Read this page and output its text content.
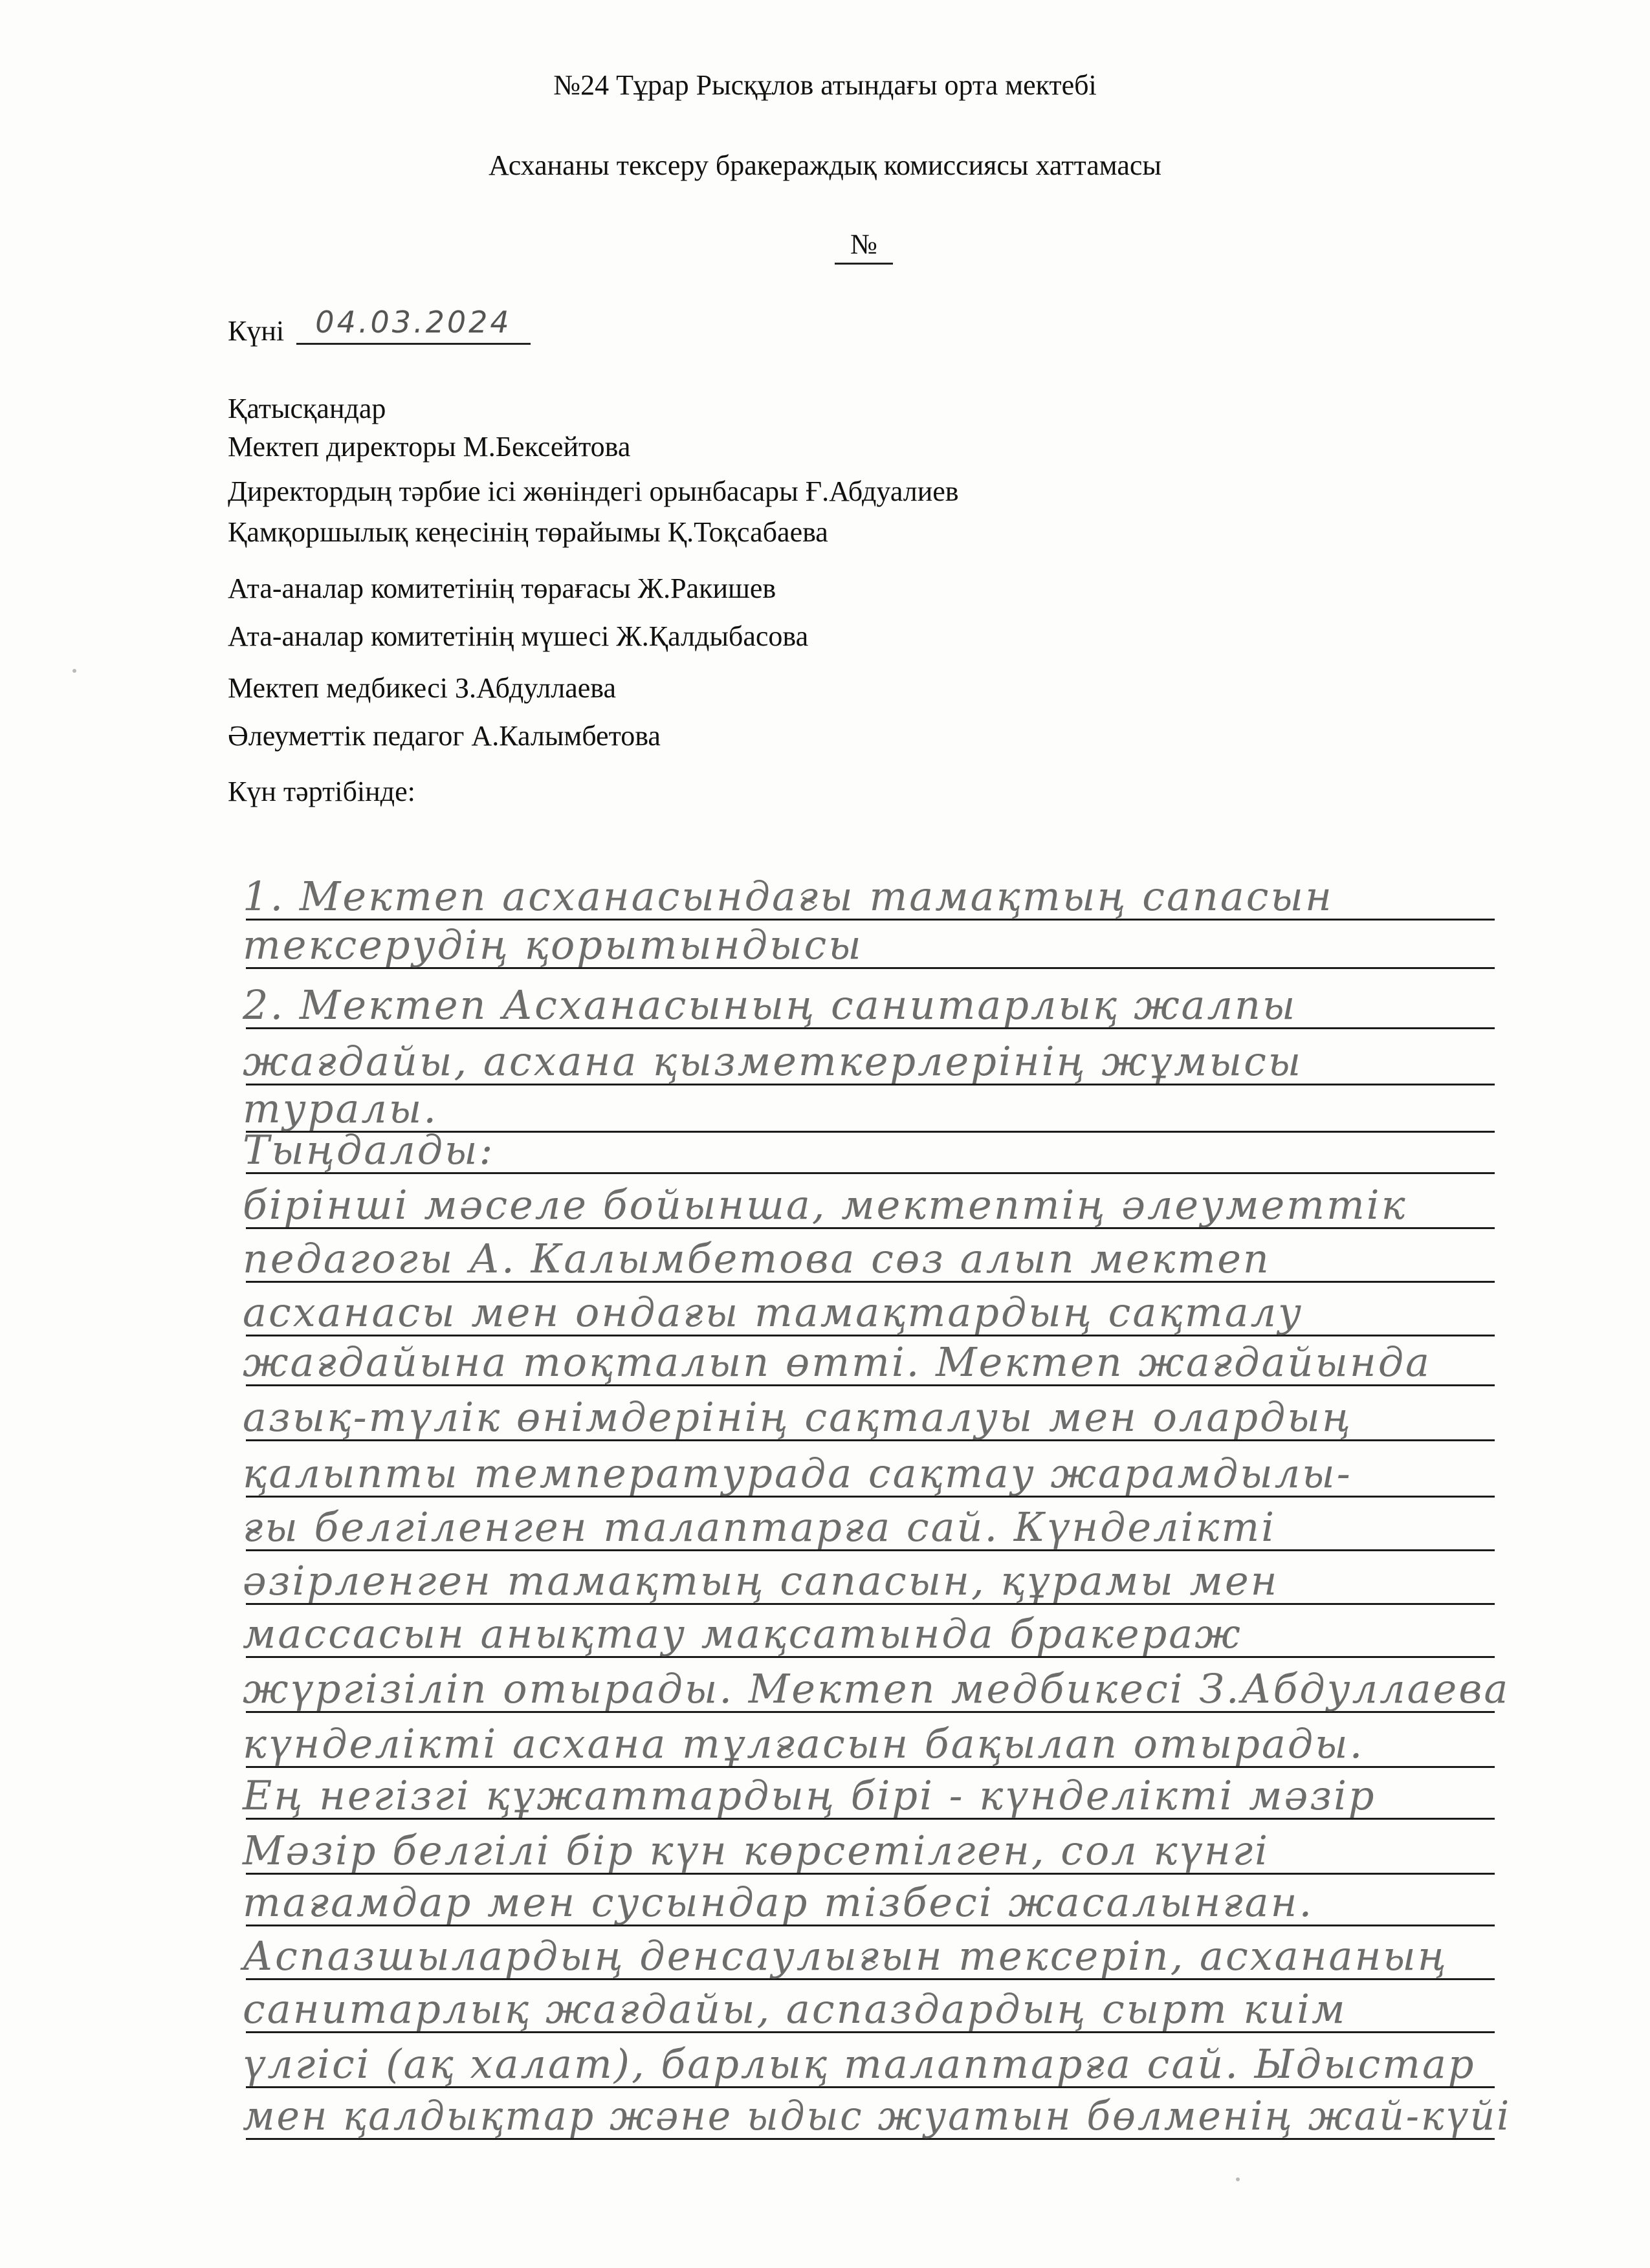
№24 Тұрар Рысқұлов атындағы орта мектебі
Асхананы тексеру бракераждық комиссиясы хаттамасы
№
Күні	04.03.2024
Қатысқандар
Мектеп директоры М.Бексейтова
Директордың тәрбие ісі жөніндегі орынбасары Ғ.Абдуалиев
Қамқоршылық кеңесінің төрайымы Қ.Тоқсабаева
Ата-аналар комитетінің төрағасы Ж.Ракишев
Ата-аналар комитетінің мүшесі Ж.Қалдыбасова
Мектеп медбикесі З.Абдуллаева
Әлеуметтік педагог А.Калымбетова
Күн тәртібінде:
1. Мектеп асханасындағы тамақтың сапасын
тексерудің қорытындысы
2. Мектеп Асханасының санитарлық жалпы
жағдайы, асхана қызметкерлерінің жұмысы
туралы.
Тыңдалды:
бірінші мәселе бойынша, мектептің әлеуметтік
педагогы А. Калымбетова сөз алып мектеп
асханасы мен ондағы тамақтардың сақталу
жағдайына тоқталып өтті. Мектеп жағдайында
азық-түлік өнімдерінің сақталуы мен олардың
қалыпты температурада сақтау жарамдылы-
ғы белгіленген талаптарға сай. Күнделікті
әзірленген тамақтың сапасын, құрамы мен
массасын анықтау мақсатында бракераж
жүргізіліп отырады. Мектеп медбикесі З.Абдуллаева
күнделікті асхана тұлғасын бақылап отырады.
Ең негізгі құжаттардың бірі - күнделікті мәзір
Мәзір белгілі бір күн көрсетілген, сол күнгі
тағамдар мен сусындар тізбесі жасалынған.
Аспазшылардың денсаулығын тексеріп, асхананың
санитарлық жағдайы, аспаздардың сырт киім
үлгісі (ақ халат), барлық талаптарға сай. Ыдыстар
мен қалдықтар және ыдыс жуатын бөлменің жай-күйі
